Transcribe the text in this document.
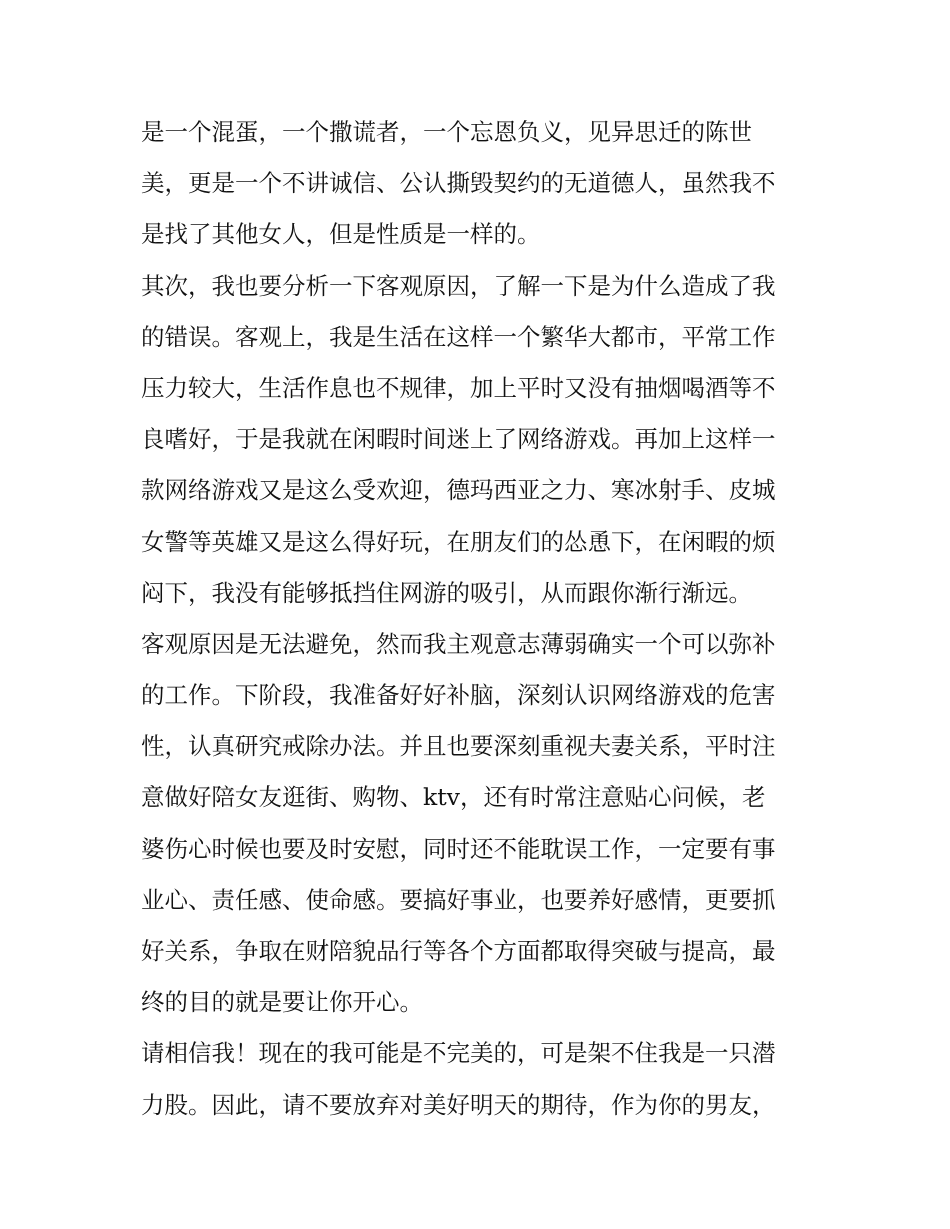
是一个混蛋，一个撒谎者，一个忘恩负义，见异思迁的陈世
美，更是一个不讲诚信、公认撕毁契约的无道德人，虽然我不
是找了其他女人，但是性质是一样的。
其次，我也要分析一下客观原因，了解一下是为什么造成了我
的错误。客观上，我是生活在这样一个繁华大都市，平常工作
压力较大，生活作息也不规律，加上平时又没有抽烟喝酒等不
良嗜好，于是我就在闲暇时间迷上了网络游戏。再加上这样一
款网络游戏又是这么受欢迎，德玛西亚之力、寒冰射手、皮城
女警等英雄又是这么得好玩，在朋友们的怂恿下，在闲暇的烦
闷下，我没有能够抵挡住网游的吸引，从而跟你渐行渐远。
客观原因是无法避免，然而我主观意志薄弱确实一个可以弥补
的工作。下阶段，我准备好好补脑，深刻认识网络游戏的危害
性，认真研究戒除办法。并且也要深刻重视夫妻关系，平时注
意做好陪女友逛街、购物、ktv，还有时常注意贴心问候，老
婆伤心时候也要及时安慰，同时还不能耽误工作，一定要有事
业心、责任感、使命感。要搞好事业，也要养好感情，更要抓
好关系，争取在财陪貌品行等各个方面都取得突破与提高，最
终的目的就是要让你开心。
请相信我！现在的我可能是不完美的，可是架不住我是一只潜
力股。因此，请不要放弃对美好明天的期待，作为你的男友，
